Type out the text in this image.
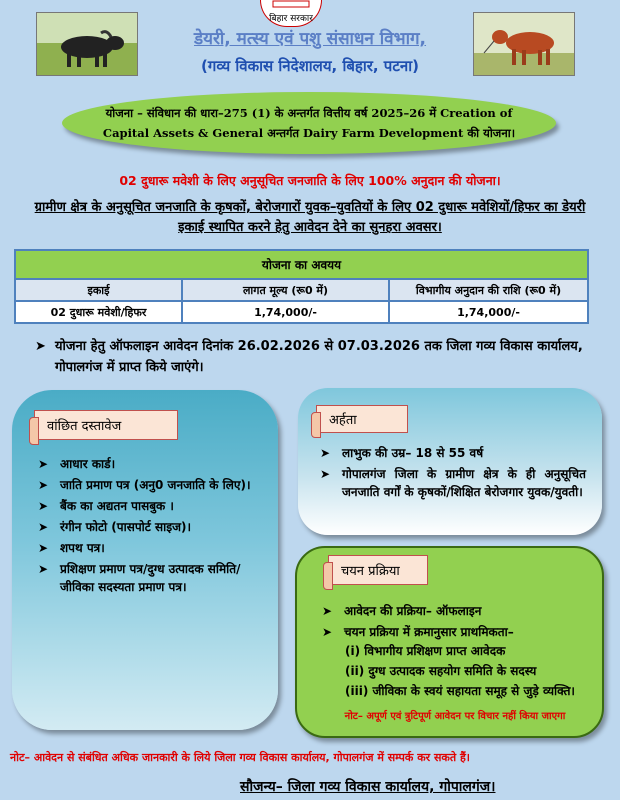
बिहार सरकार
डेयरी, मत्स्य एवं पशु संसाधन विभाग,
(गव्य विकास निदेशालय, बिहार, पटना)
योजना – संविधान की धारा–275 (1) के अन्तर्गत वित्तीय वर्ष 2025–26 में Creation of Capital Assets & General अन्तर्गत Dairy Farm Development की योजना।
02 दुधारू मवेशी के लिए अनुसूचित जनजाति के लिए 100% अनुदान की योजना।
ग्रामीण क्षेत्र के अनुसूचित जनजाति के कृषकों, बेरोजगारों युवक–युवतियों के लिए 02 दुधारू मवेशियों/हिफर का डेयरी इकाई स्थापित करने हेतु आवेदन देने का सुनहरा अवसर।
योजना का अवयय		
इकाई	लागत मूल्य (रू0 में)	विभागीय अनुदान की राशि (रू0 में)
02 दुधारू मवेशी/हिफर	1,74,000/-	1,74,000/-
➤ योजना हेतु ऑफलाइन आवेदन दिनांक 26.02.2026 से 07.03.2026 तक जिला गव्य विकास कार्यालय, गोपालगंज में प्राप्त किये जाएंगे।
वांछित दस्तावेज
➤ आधार कार्ड।
➤ जाति प्रमाण पत्र (अनु0 जनजाति के लिए)।
➤ बैंक का अद्यतन पासबुक ।
➤ रंगीन फोटो (पासपोर्ट साइज)।
➤ शपथ पत्र।
➤ प्रशिक्षण प्रमाण पत्र/दुग्ध उत्पादक समिति/जीविका सदस्यता प्रमाण पत्र।
अर्हता
➤ लाभुक की उम्र– 18 से 55 वर्ष
➤ गोपालगंज जिला के ग्रामीण क्षेत्र के ही अनुसूचित जनजाति वर्गों के कृषकों/शिक्षित बेरोजगार युवक/युवती।
चयन प्रक्रिया
➤ आवेदन की प्रक्रिया– ऑफलाइन
➤ चयन प्रक्रिया में क्रमानुसार प्राथमिकता–
(i) विभागीय प्रशिक्षण प्राप्त आवेदक
(ii) दुग्ध उत्पादक सहयोग समिति के सदस्य
(iii) जीविका के स्वयं सहायता समूह से जुड़े व्यक्ति।
नोट– अपूर्ण एवं त्रुटिपूर्ण आवेदन पर विचार नहीं किया जाएगा
नोट– आवेदन से संबंधित अधिक जानकारी के लिये जिला गव्य विकास कार्यालय, गोपालगंज में सम्पर्क कर सकते हैं।
सौजन्य– जिला गव्य विकास कार्यालय, गोपालगंज।
